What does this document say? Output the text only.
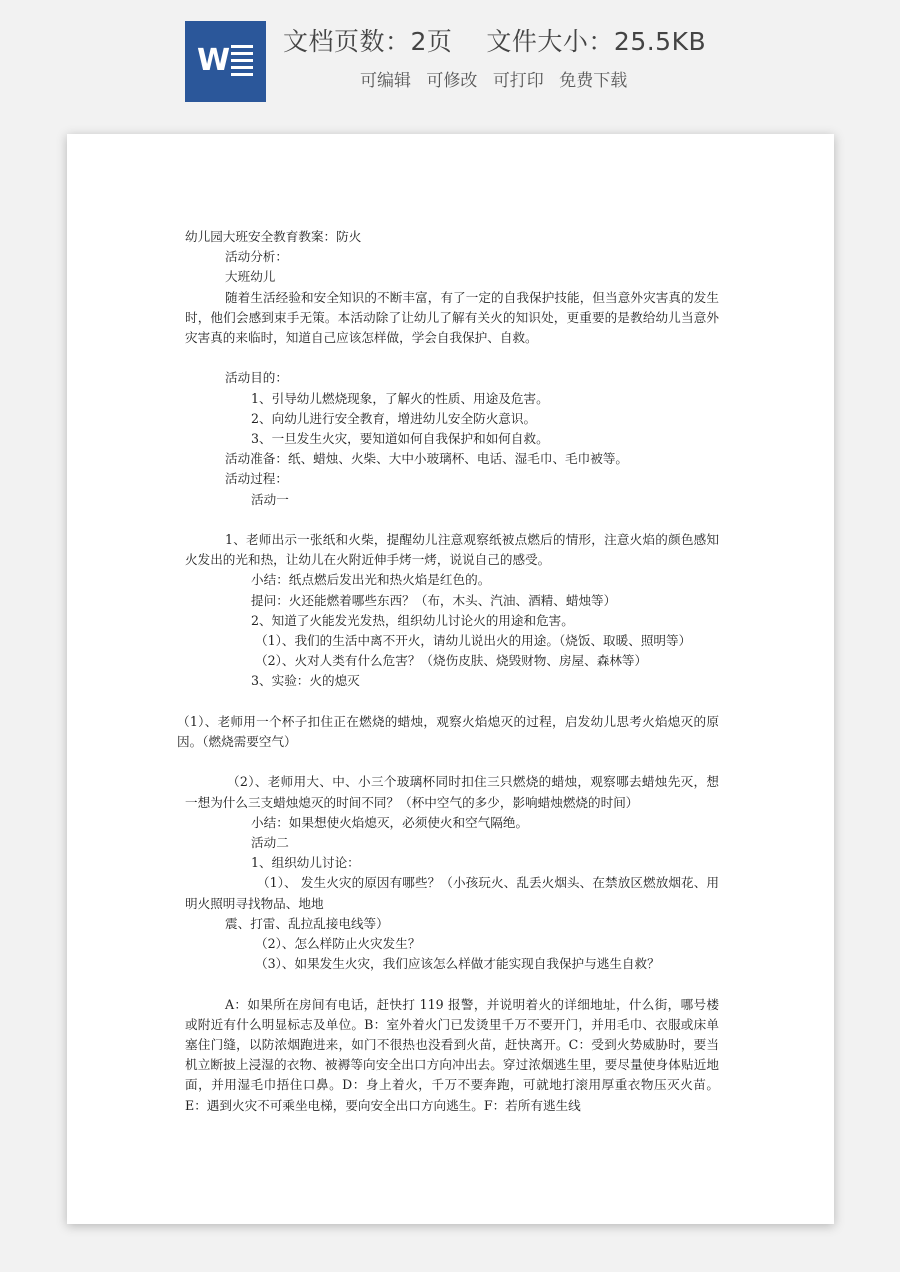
W
文档页数：2页 文件大小：25.5KB
可编辑 可修改 可打印 免费下载

幼儿园大班安全教育教案：防火

活动分析：

大班幼儿

随着生活经验和安全知识的不断丰富，有了一定的自我保护技能，但当意外灾害真的发生时，他们会感到束手无策。本活动除了让幼儿了解有关火的知识处，更重要的是教给幼儿当意外灾害真的来临时，知道自己应该怎样做，学会自我保护、自救。

活动目的：

1、引导幼儿燃烧现象，了解火的性质、用途及危害。

2、向幼儿进行安全教育，增进幼儿安全防火意识。

3、一旦发生火灾，要知道如何自我保护和如何自救。

活动准备：纸、蜡烛、火柴、大中小玻璃杯、电话、湿毛巾、毛巾被等。

活动过程：

活动一

1、老师出示一张纸和火柴，提醒幼儿注意观察纸被点燃后的情形，注意火焰的颜色感知火发出的光和热，让幼儿在火附近伸手烤一烤，说说自己的感受。

小结：纸点燃后发出光和热火焰是红色的。

提问：火还能燃着哪些东西？（布，木头、汽油、酒精、蜡烛等）

2、知道了火能发光发热，组织幼儿讨论火的用途和危害。

（1）、我们的生活中离不开火，请幼儿说出火的用途。（烧饭、取暖、照明等）

（2）、火对人类有什么危害？（烧伤皮肤、烧毁财物、房屋、森林等）

3、实验：火的熄灭

（1）、老师用一个杯子扣住正在燃烧的蜡烛，观察火焰熄灭的过程，启发幼儿思考火焰熄灭的原因。（燃烧需要空气）

（2）、老师用大、中、小三个玻璃杯同时扣住三只燃烧的蜡烛，观察哪去蜡烛先灭，想一想为什么三支蜡烛熄灭的时间不同？（杯中空气的多少，影响蜡烛燃烧的时间）

小结：如果想使火焰熄灭，必须使火和空气隔绝。

活动二

1、组织幼儿讨论：

（1）、 发生火灾的原因有哪些？（小孩玩火、乱丢火烟头、在禁放区燃放烟花、用明火照明寻找物品、地地

震、打雷、乱拉乱接电线等）

（2）、怎么样防止火灾发生？

（3）、如果发生火灾，我们应该怎么样做才能实现自我保护与逃生自救？

A：如果所在房间有电话，赶快打 119 报警，并说明着火的详细地址，什么街，哪号楼或附近有什么明显标志及单位。B：室外着火门已发烫里千万不要开门，并用毛巾、衣服或床单塞住门缝，以防浓烟跑进来，如门不很热也没看到火苗，赶快离开。C：受到火势威胁时，要当机立断披上浸湿的衣物、被褥等向安全出口方向冲出去。穿过浓烟逃生里，要尽量使身体贴近地面，并用湿毛巾捂住口鼻。D：身上着火，千万不要奔跑，可就地打滚用厚重衣物压灭火苗。E：遇到火灾不可乘坐电梯，要向安全出口方向逃生。F：若所有逃生线
